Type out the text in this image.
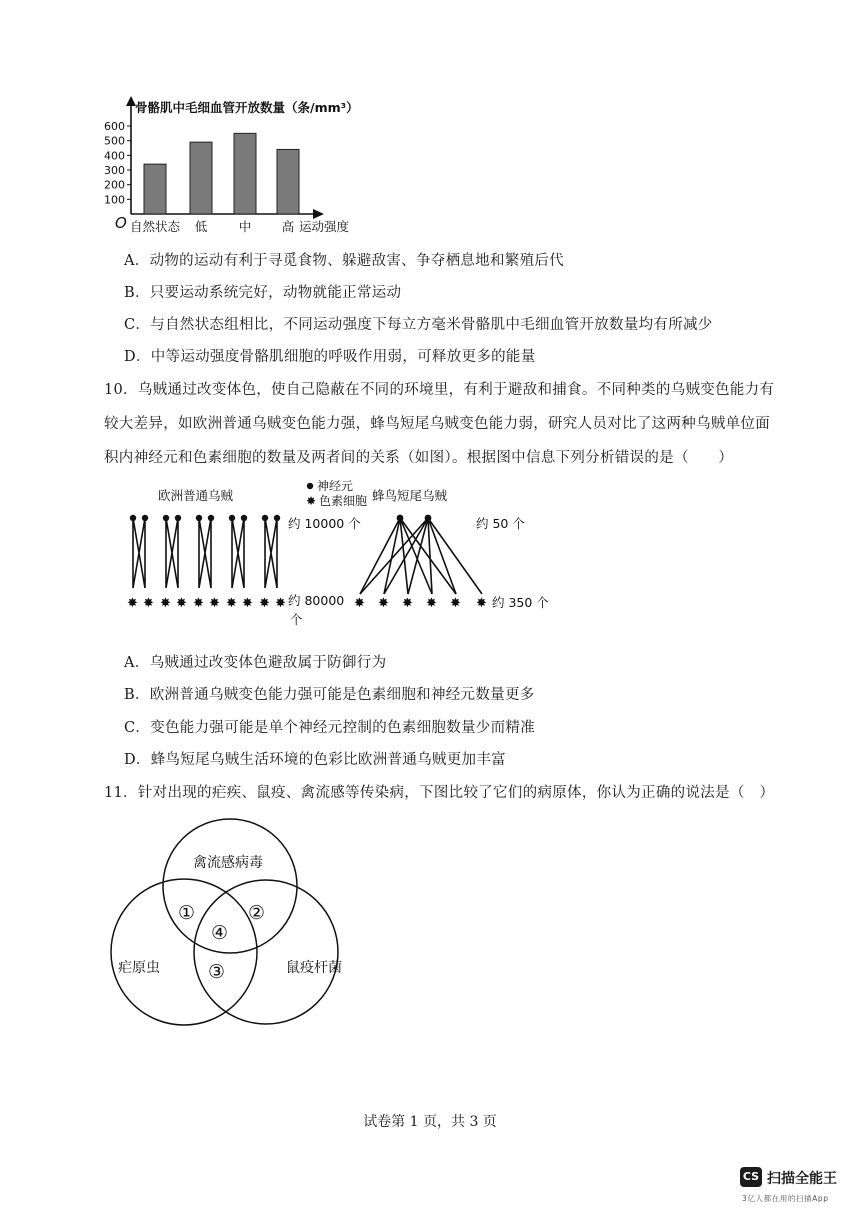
骨骼肌中毛细血管开放数量（条/mm³）
O
100
200
300
400
500
600
自然状态 低	中 高 运动强度
A．动物的运动有利于寻觅食物、躲避敌害、争夺栖息地和繁殖后代
B．只要运动系统完好，动物就能正常运动
C．与自然状态组相比，不同运动强度下每立方毫米骨骼肌中毛细血管开放数量均有所减少
D．中等运动强度骨骼肌细胞的呼吸作用弱，可释放更多的能量
10．乌贼通过改变体色，使自己隐蔽在不同的环境里，有利于避敌和捕食。不同种类的乌贼变色能力有
较大差异，如欧洲普通乌贼变色能力强，蜂鸟短尾乌贼变色能力弱，研究人员对比了这两种乌贼单位面
积内神经元和色素细胞的数量及两者间的关系（如图）。根据图中信息下列分析错误的是（　　）
欧洲普通乌贼
神经元
✸ 色素细胞 蜂鸟短尾乌贼
✸ ✸ ✸ ✸ ✸ ✸ ✸ ✸ ✸ ✸
约 10000 个
约 80000
个
✸ ✸ ✸ ✸ ✸ ✸
约 50 个
约 350 个
A．乌贼通过改变体色避敌属于防御行为
B．欧洲普通乌贼变色能力强可能是色素细胞和神经元数量更多
C．变色能力强可能是单个神经元控制的色素细胞数量少而精准
D．蜂鸟短尾乌贼生活环境的色彩比欧洲普通乌贼更加丰富
11．针对出现的疟疾、鼠疫、禽流感等传染病，下图比较了它们的病原体，你认为正确的说法是（　）
禽流感病毒
疟原虫	鼠疫杆菌
①	②
④
③
试卷第 1 页，共 3 页
CS 扫描全能王
3亿人都在用的扫描App
